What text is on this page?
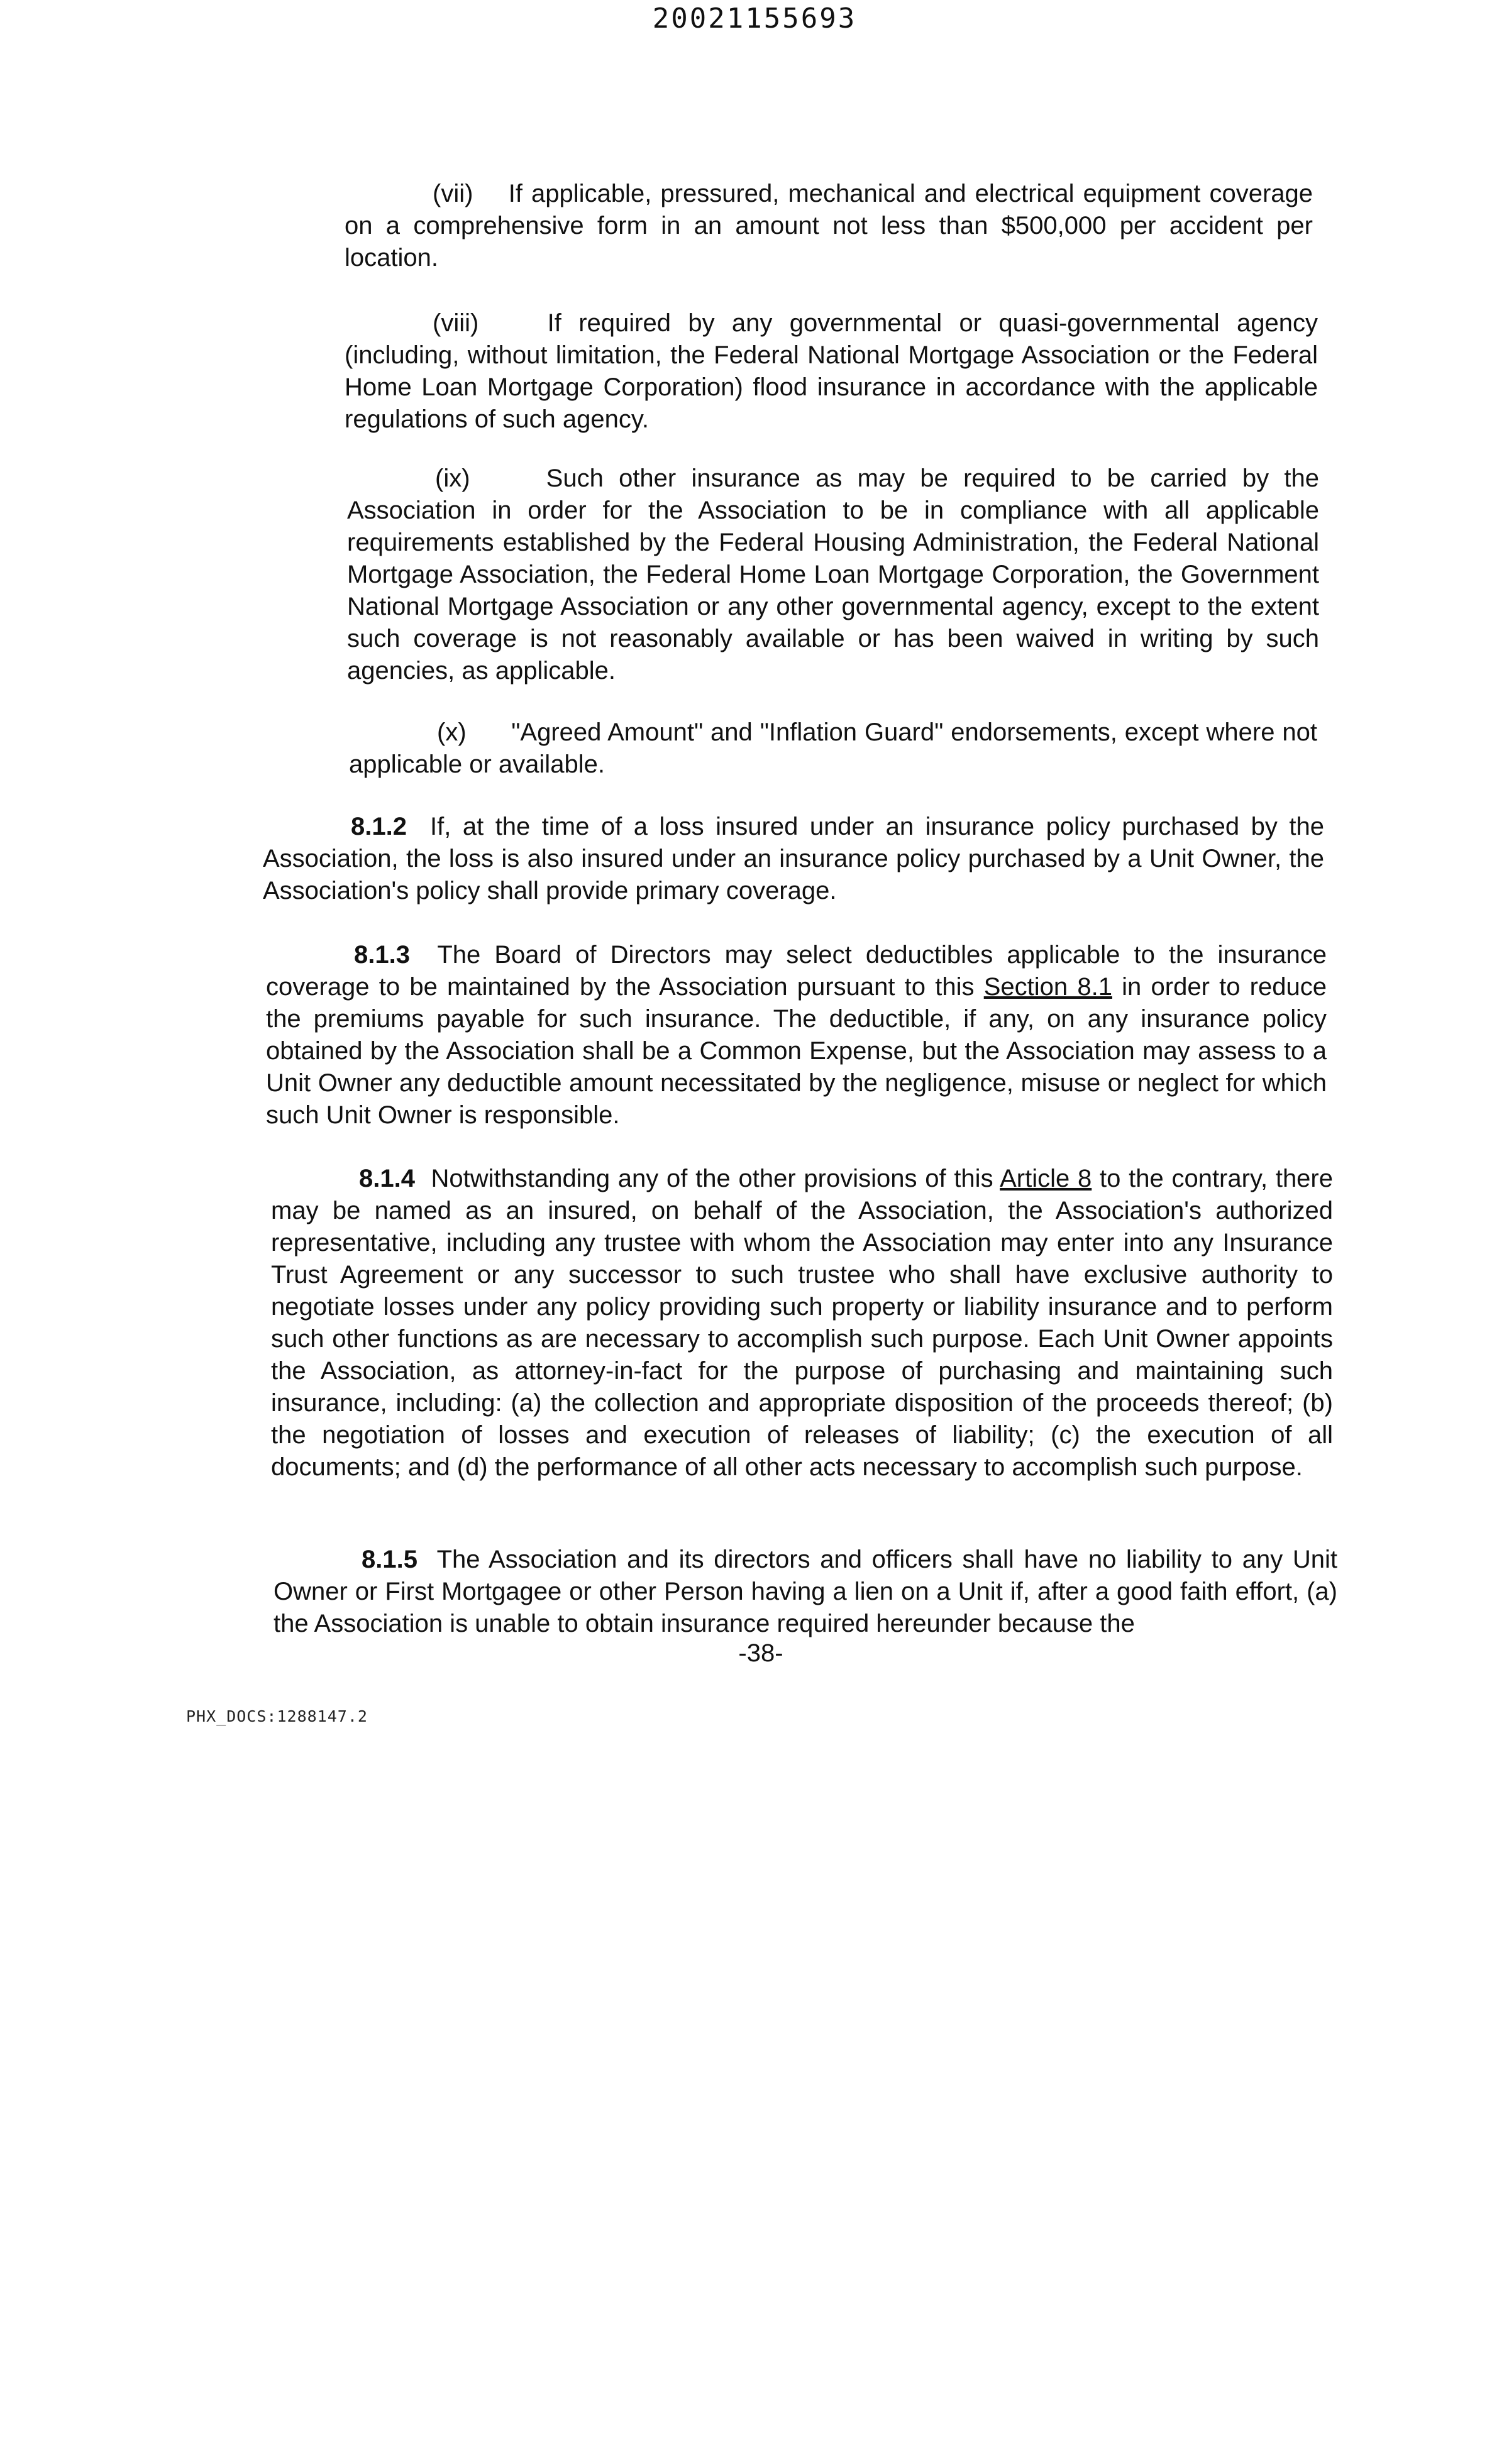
20021155693

(vii) If applicable, pressured, mechanical and electrical equipment coverage on a comprehensive form in an amount not less than $500,000 per accident per location.

(viii)	If required by any governmental or quasi-governmental agency (including, without limitation, the Federal National Mortgage Association or the Federal Home Loan Mortgage Corporation) flood insurance in accordance with the applicable regulations of such agency.

(ix)	Such other insurance as may be required to be carried by the Association in order for the Association to be in compliance with all applicable requirements established by the Federal Housing Administration, the Federal National Mortgage Association, the Federal Home Loan Mortgage Corporation, the Government National Mortgage Association or any other governmental agency, except to the extent such coverage is not reasonably available or has been waived in writing by such agencies, as applicable.

(x) "Agreed Amount" and "Inflation Guard" endorsements, except where not applicable or available.

8.1.2 If, at the time of a loss insured under an insurance policy purchased by the Association, the loss is also insured under an insurance policy purchased by a Unit Owner, the Association's policy shall provide primary coverage.

8.1.3 The Board of Directors may select deductibles applicable to the insurance coverage to be maintained by the Association pursuant to this Section 8.1 in order to reduce the premiums payable for such insurance. The deductible, if any, on any insurance policy obtained by the Association shall be a Common Expense, but the Association may assess to a Unit Owner any deductible amount necessitated by the negligence, misuse or neglect for which such Unit Owner is responsible.

8.1.4 Notwithstanding any of the other provisions of this Article 8 to the contrary, there may be named as an insured, on behalf of the Association, the Association's authorized representative, including any trustee with whom the Association may enter into any Insurance Trust Agreement or any successor to such trustee who shall have exclusive authority to negotiate losses under any policy providing such property or liability insurance and to perform such other functions as are necessary to accomplish such purpose. Each Unit Owner appoints the Association, as attorney-in-fact for the purpose of purchasing and maintaining such insurance, including: (a) the collection and appropriate disposition of the proceeds thereof; (b) the negotiation of losses and execution of releases of liability; (c) the execution of all documents; and (d) the performance of all other acts necessary to accomplish such purpose.

8.1.5 The Association and its directors and officers shall have no liability to any Unit Owner or First Mortgagee or other Person having a lien on a Unit if, after a good faith effort, (a) the Association is unable to obtain insurance required hereunder because the

-38-
PHX_DOCS:1288147.2
